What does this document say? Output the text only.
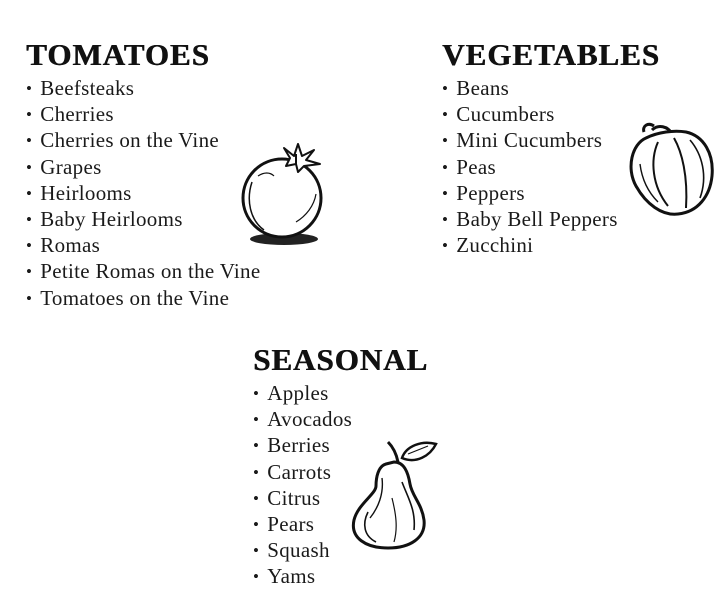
TOMATOES
• Beefsteaks
• Cherries
• Cherries on the Vine
• Grapes
• Heirlooms
• Baby Heirlooms
• Romas
• Petite Romas on the Vine
• Tomatoes on the Vine
VEGETABLES
• Beans
• Cucumbers
• Mini Cucumbers
• Peas
• Peppers
• Baby Bell Peppers
• Zucchini
SEASONAL
• Apples
• Avocados
• Berries
• Carrots
• Citrus
• Pears
• Squash
• Yams
